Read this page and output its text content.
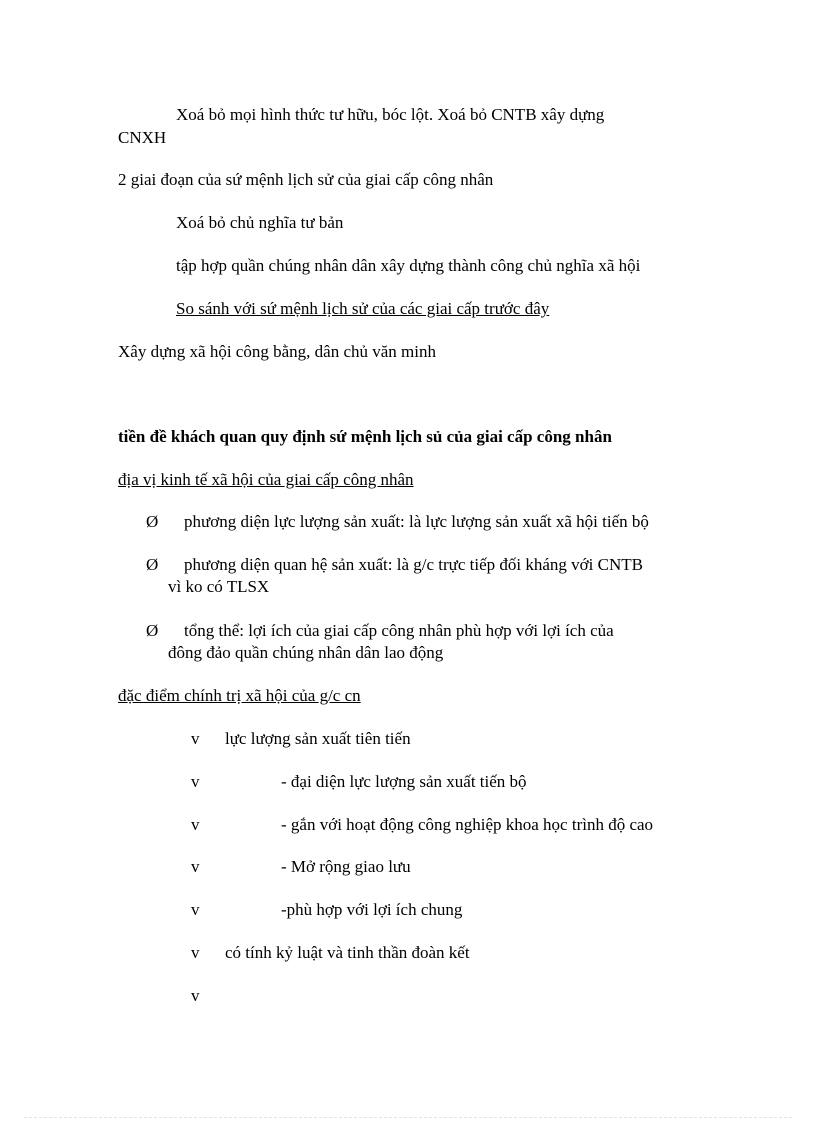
Xoá bỏ mọi hình thức tư hữu, bóc lột. Xoá bỏ CNTB xây dựng
CNXH
2 giai đoạn của sứ mệnh lịch sử của giai cấp công nhân
Xoá bỏ chủ nghĩa tư bản
tập hợp quần chúng nhân dân xây dựng thành công chủ nghĩa xã hội
So sánh với sứ mệnh lịch sử của các giai cấp trước đây
Xây dựng xã hội công bằng, dân chủ văn minh
tiền đề khách quan quy định sứ mệnh lịch sủ của giai cấp công nhân
địa vị kinh tế xã hội của giai cấp công nhân
Ø phương diện lực lượng sản xuất: là lực lượng sản xuất xã hội tiến bộ
Ø phương diện quan hệ sản xuất: là g/c trực tiếp đối kháng với CNTB
vì ko có TLSX
Ø tổng thể: lợi ích của giai cấp công nhân phù hợp với lợi ích của
đông đảo quần chúng nhân dân lao động
đặc điểm chính trị xã hội của g/c cn
v lực lượng sản xuất tiên tiến
v	- đại diện lực lượng sản xuất tiến bộ
v	- gắn với hoạt động công nghiệp khoa học trình độ cao
v	- Mở rộng giao lưu
v	-phù hợp với lợi ích chung
v có tính kỷ luật và tinh thần đoàn kết
v
